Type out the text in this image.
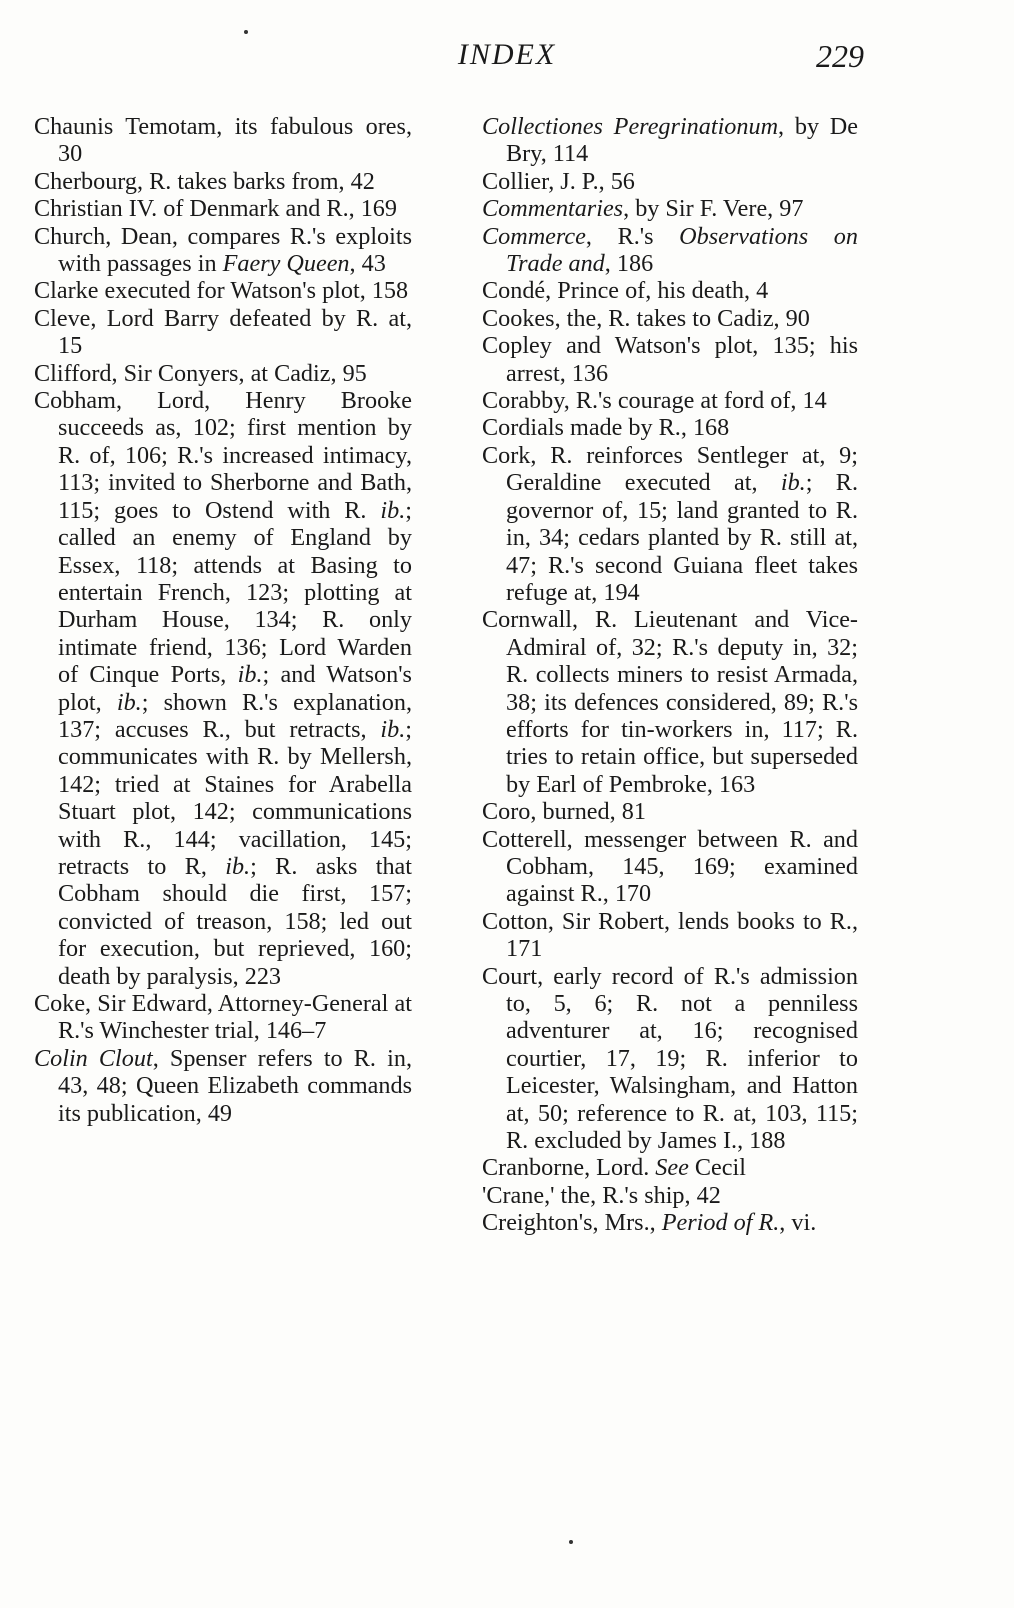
INDEX	229

Chaunis Temotam, its fabulous ores, 30

Cherbourg, R. takes barks from, 42

Christian IV. of Denmark and R., 169

Church, Dean, compares R.'s exploits with passages in Faery Queen, 43

Clarke executed for Watson's plot, 158

Cleve, Lord Barry defeated by R. at, 15

Clifford, Sir Conyers, at Cadiz, 95

Cobham, Lord, Henry Brooke succeeds as, 102; first mention by R. of, 106; R.'s increased intimacy, 113; invited to Sherborne and Bath, 115; goes to Ostend with R. ib.; called an enemy of England by Essex, 118; attends at Basing to entertain French, 123; plotting at Durham House, 134; R. only intimate friend, 136; Lord Warden of Cinque Ports, ib.; and Watson's plot, ib.; shown R.'s explanation, 137; accuses R., but retracts, ib.; communicates with R. by Mellersh, 142; tried at Staines for Arabella Stuart plot, 142; communications with R., 144; vacillation, 145; retracts to R, ib.; R. asks that Cobham should die first, 157; convicted of treason, 158; led out for execution, but reprieved, 160; death by paralysis, 223

Coke, Sir Edward, Attorney-General at R.'s Winchester trial, 146–7

Colin Clout, Spenser refers to R. in, 43, 48; Queen Elizabeth commands its publication, 49

Collectiones Peregrinationum, by De Bry, 114

Collier, J. P., 56

Commentaries, by Sir F. Vere, 97

Commerce, R.'s Observations on Trade and, 186

Condé, Prince of, his death, 4

Cookes, the, R. takes to Cadiz, 90

Copley and Watson's plot, 135; his arrest, 136

Corabby, R.'s courage at ford of, 14

Cordials made by R., 168

Cork, R. reinforces Sentleger at, 9; Geraldine executed at, ib.; R. governor of, 15; land granted to R. in, 34; cedars planted by R. still at, 47; R.'s second Guiana fleet takes refuge at, 194

Cornwall, R. Lieutenant and Vice-Admiral of, 32; R.'s deputy in, 32; R. collects miners to resist Armada, 38; its defences considered, 89; R.'s efforts for tin-workers in, 117; R. tries to retain office, but superseded by Earl of Pembroke, 163

Coro, burned, 81

Cotterell, messenger between R. and Cobham, 145, 169; examined against R., 170

Cotton, Sir Robert, lends books to R., 171

Court, early record of R.'s admission to, 5, 6; R. not a penniless adventurer at, 16; recognised courtier, 17, 19; R. inferior to Leicester, Walsingham, and Hatton at, 50; reference to R. at, 103, 115; R. excluded by James I., 188

Cranborne, Lord. See Cecil

'Crane,' the, R.'s ship, 42

Creighton's, Mrs., Period of R., vi.
